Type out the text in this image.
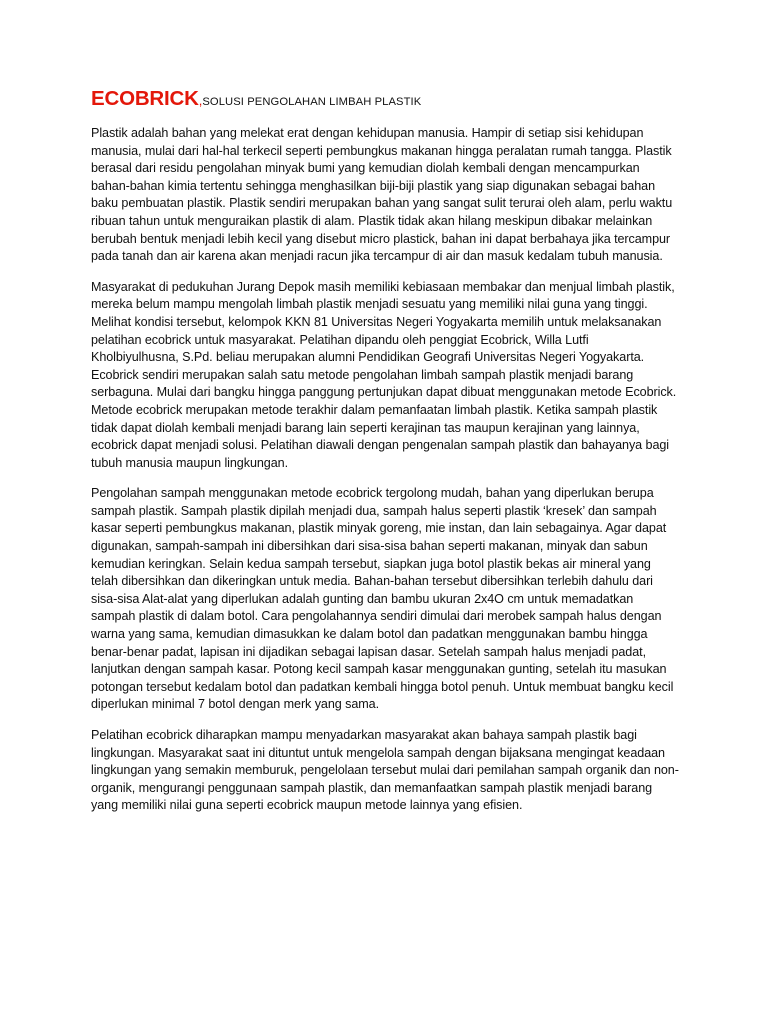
ECOBRICK,SOLUSI PENGOLAHAN LIMBAH PLASTIK

Plastik adalah bahan yang melekat erat dengan kehidupan manusia. Hampir di setiap sisi kehidupan manusia, mulai dari hal-hal terkecil seperti pembungkus makanan hingga peralatan rumah tangga. Plastik berasal dari residu pengolahan minyak bumi yang kemudian diolah kembali dengan mencampurkan bahan-bahan kimia tertentu sehingga menghasilkan biji-biji plastik yang siap digunakan sebagai bahan baku pembuatan plastik. Plastik sendiri merupakan bahan yang sangat sulit terurai oleh alam, perlu waktu ribuan tahun untuk menguraikan plastik di alam. Plastik tidak akan hilang meskipun dibakar melainkan berubah bentuk menjadi lebih kecil yang disebut micro plastick, bahan ini dapat berbahaya jika tercampur pada tanah dan air karena akan menjadi racun jika tercampur di air dan masuk kedalam tubuh manusia.

Masyarakat di pedukuhan Jurang Depok masih memiliki kebiasaan membakar dan menjual limbah plastik, mereka belum mampu mengolah limbah plastik menjadi sesuatu yang memiliki nilai guna yang tinggi. Melihat kondisi tersebut, kelompok KKN 81 Universitas Negeri Yogyakarta memilih untuk melaksanakan pelatihan ecobrick untuk masyarakat. Pelatihan dipandu oleh penggiat Ecobrick, Willa Lutfi Kholbiyulhusna, S.Pd. beliau merupakan alumni Pendidikan Geografi Universitas Negeri Yogyakarta. Ecobrick sendiri merupakan salah satu metode pengolahan limbah sampah plastik menjadi barang serbaguna. Mulai dari bangku hingga panggung pertunjukan dapat dibuat menggunakan metode Ecobrick. Metode ecobrick merupakan metode terakhir dalam pemanfaatan limbah plastik. Ketika sampah plastik tidak dapat diolah kembali menjadi barang lain seperti kerajinan tas maupun kerajinan yang lainnya, ecobrick dapat menjadi solusi. Pelatihan diawali dengan pengenalan sampah plastik dan bahayanya bagi tubuh manusia maupun lingkungan.

Pengolahan sampah menggunakan metode ecobrick tergolong mudah, bahan yang diperlukan berupa sampah plastik. Sampah plastik dipilah menjadi dua, sampah halus seperti plastik ‘kresek’ dan sampah kasar seperti pembungkus makanan, plastik minyak goreng, mie instan, dan lain sebagainya. Agar dapat digunakan, sampah-sampah ini dibersihkan dari sisa-sisa bahan seperti makanan, minyak dan sabun kemudian keringkan. Selain kedua sampah tersebut, siapkan juga botol plastik bekas air mineral yang telah dibersihkan dan dikeringkan untuk media. Bahan-bahan tersebut dibersihkan terlebih dahulu dari sisa-sisa Alat-alat yang diperlukan adalah gunting dan bambu ukuran 2x4O cm untuk memadatkan sampah plastik di dalam botol. Cara pengolahannya sendiri dimulai dari merobek sampah halus dengan warna yang sama, kemudian dimasukkan ke dalam botol dan padatkan menggunakan bambu hingga benar-benar padat, lapisan ini dijadikan sebagai lapisan dasar. Setelah sampah halus menjadi padat, lanjutkan dengan sampah kasar. Potong kecil sampah kasar menggunakan gunting, setelah itu masukan potongan tersebut kedalam botol dan padatkan kembali hingga botol penuh. Untuk membuat bangku kecil diperlukan minimal 7 botol dengan merk yang sama.

Pelatihan ecobrick diharapkan mampu menyadarkan masyarakat akan bahaya sampah plastik bagi lingkungan. Masyarakat saat ini dituntut untuk mengelola sampah dengan bijaksana mengingat keadaan lingkungan yang semakin memburuk, pengelolaan tersebut mulai dari pemilahan sampah organik dan non-organik, mengurangi penggunaan sampah plastik, dan memanfaatkan sampah plastik menjadi barang yang memiliki nilai guna seperti ecobrick maupun metode lainnya yang efisien.
